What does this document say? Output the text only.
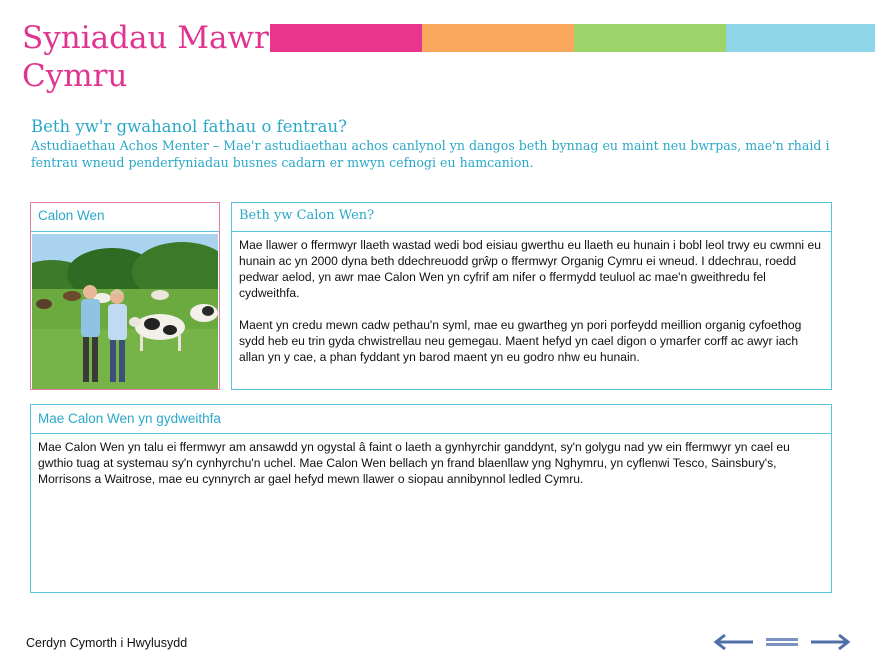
Syniadau Mawr
Cymru
Beth yw'r gwahanol fathau o fentrau?
Astudiaethau Achos Menter – Mae'r astudiaethau achos canlynol yn dangos beth bynnag eu maint neu bwrpas, mae'n rhaid i fentrau wneud penderfyniadau busnes cadarn er mwyn cefnogi eu hamcanion.
Calon Wen	Beth yw Calon Wen?
Mae llawer o ffermwyr llaeth wastad wedi bod eisiau gwerthu eu llaeth eu hunain i bobl leol trwy eu cwmni eu hunain ac yn 2000 dyna beth ddechreuodd grŵp o ffermwyr Organig Cymru ei wneud. I ddechrau, roedd pedwar aelod, yn awr mae Calon Wen yn cyfrif am nifer o ffermydd teuluol ac mae'n gweithredu fel cydweithfa.
Maent yn credu mewn cadw pethau'n syml, mae eu gwartheg yn pori porfeydd meillion organig cyfoethog sydd heb eu trin gyda chwistrellau neu gemegau. Maent hefyd yn cael digon o ymarfer corff ac awyr iach allan yn y cae, a phan fyddant yn barod maent yn eu godro nhw eu hunain.
Mae Calon Wen yn gydweithfa
Mae Calon Wen yn talu ei ffermwyr am ansawdd yn ogystal â faint o laeth a gynhyrchir ganddynt, sy'n golygu nad yw ein ffermwyr yn cael eu gwthio tuag at systemau sy'n cynhyrchu'n uchel. Mae Calon Wen bellach yn frand blaenllaw yng Nghymru, yn cyflenwi Tesco, Sainsbury's, Morrisons a Waitrose, mae eu cynnyrch ar gael hefyd mewn llawer o siopau annibynnol ledled Cymru.
Cerdyn Cymorth i Hwylusydd
